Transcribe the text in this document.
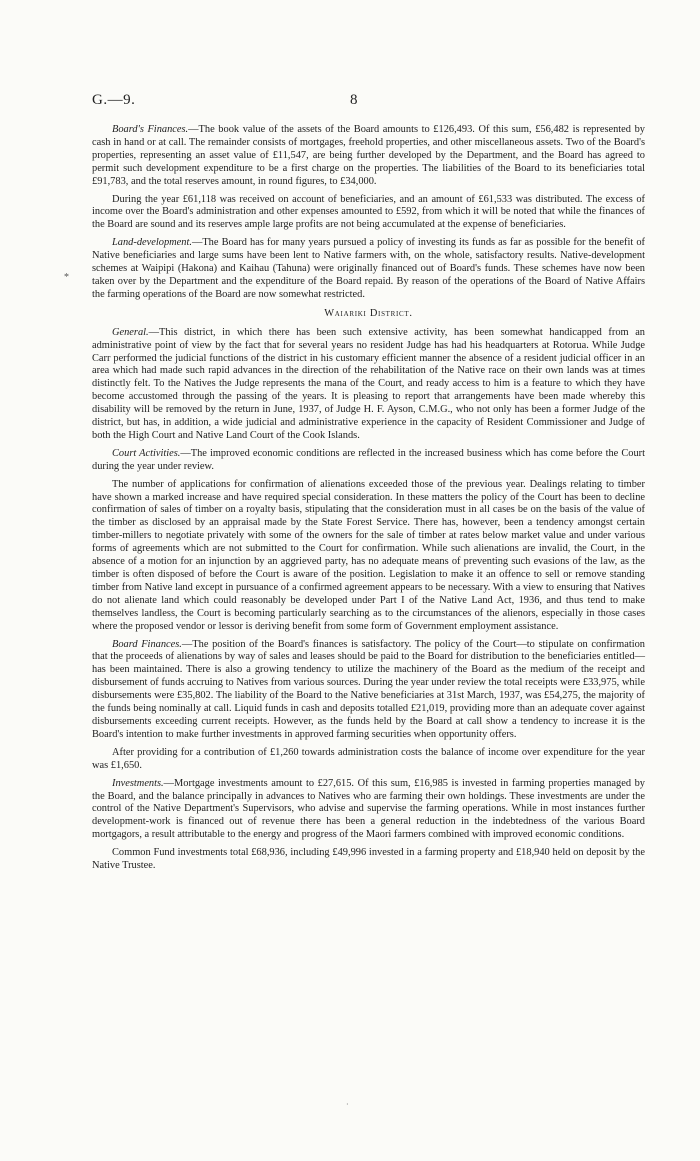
G.—9.	8
*

Board's Finances.—The book value of the assets of the Board amounts to £126,493. Of this sum, £56,482 is represented by cash in hand or at call. The remainder consists of mortgages, freehold properties, and other miscellaneous assets. Two of the Board's properties, representing an asset value of £11,547, are being further developed by the Department, and the Board has agreed to permit such development expenditure to be a first charge on the properties. The liabilities of the Board to its beneficiaries total £91,783, and the total reserves amount, in round figures, to £34,000.

During the year £61,118 was received on account of beneficiaries, and an amount of £61,533 was distributed. The excess of income over the Board's administration and other expenses amounted to £592, from which it will be noted that while the finances of the Board are sound and its reserves ample large profits are not being accumulated at the expense of beneficiaries.

Land-development.—The Board has for many years pursued a policy of investing its funds as far as possible for the benefit of Native beneficiaries and large sums have been lent to Native farmers with, on the whole, satisfactory results. Native-development schemes at Waipipi (Hakona) and Kaihau (Tahuna) were originally financed out of Board's funds. These schemes have now been taken over by the Department and the expenditure of the Board repaid. By reason of the operations of the Board of Native Affairs the farming operations of the Board are now somewhat restricted.

Waiariki District.

General.—This district, in which there has been such extensive activity, has been somewhat handicapped from an administrative point of view by the fact that for several years no resident Judge has had his headquarters at Rotorua. While Judge Carr performed the judicial functions of the district in his customary efficient manner the absence of a resident judicial officer in an area which had made such rapid advances in the direction of the rehabilitation of the Native race on their own lands was at times distinctly felt. To the Natives the Judge represents the mana of the Court, and ready access to him is a feature to which they have become accustomed through the passing of the years. It is pleasing to report that arrangements have been made whereby this disability will be removed by the return in June, 1937, of Judge H. F. Ayson, C.M.G., who not only has been a former Judge of the district, but has, in addition, a wide judicial and administrative experience in the capacity of Resident Commissioner and Judge of both the High Court and Native Land Court of the Cook Islands.

Court Activities.—The improved economic conditions are reflected in the increased business which has come before the Court during the year under review.

The number of applications for confirmation of alienations exceeded those of the previous year. Dealings relating to timber have shown a marked increase and have required special consideration. In these matters the policy of the Court has been to decline confirmation of sales of timber on a royalty basis, stipulating that the consideration must in all cases be on the basis of the value of the timber as disclosed by an appraisal made by the State Forest Service. There has, however, been a tendency amongst certain timber-millers to negotiate privately with some of the owners for the sale of timber at rates below market value and under various forms of agreements which are not submitted to the Court for confirmation. While such alienations are invalid, the Court, in the absence of a motion for an injunction by an aggrieved party, has no adequate means of preventing such evasions of the law, as the timber is often disposed of before the Court is aware of the position. Legislation to make it an offence to sell or remove standing timber from Native land except in pursuance of a confirmed agreement appears to be necessary. With a view to ensuring that Natives do not alienate land which could reasonably be developed under Part I of the Native Land Act, 1936, and thus tend to make themselves landless, the Court is becoming particularly searching as to the circumstances of the alienors, especially in those cases where the proposed vendor or lessor is deriving benefit from some form of Government employment assistance.

Board Finances.—The position of the Board's finances is satisfactory. The policy of the Court—to stipulate on confirmation that the proceeds of alienations by way of sales and leases should be paid to the Board for distribution to the beneficiaries entitled—has been maintained. There is also a growing tendency to utilize the machinery of the Board as the medium of the receipt and disbursement of funds accruing to Natives from various sources. During the year under review the total receipts were £33,975, while disbursements were £35,802. The liability of the Board to the Native beneficiaries at 31st March, 1937, was £54,275, the majority of the funds being nominally at call. Liquid funds in cash and deposits totalled £21,019, providing more than an adequate cover against disbursements exceeding current receipts. However, as the funds held by the Board at call show a tendency to increase it is the Board's intention to make further investments in approved farming securities when opportunity offers.

After providing for a contribution of £1,260 towards administration costs the balance of income over expenditure for the year was £1,650.

Investments.—Mortgage investments amount to £27,615. Of this sum, £16,985 is invested in farming properties managed by the Board, and the balance principally in advances to Natives who are farming their own holdings. These investments are under the control of the Native Department's Supervisors, who advise and supervise the farming operations. While in most instances further development-work is financed out of revenue there has been a general reduction in the indebtedness of the various Board mortgagors, a result attributable to the energy and progress of the Maori farmers combined with improved economic conditions.

Common Fund investments total £68,936, including £49,996 invested in a farming property and £18,940 held on deposit by the Native Trustee.

·
